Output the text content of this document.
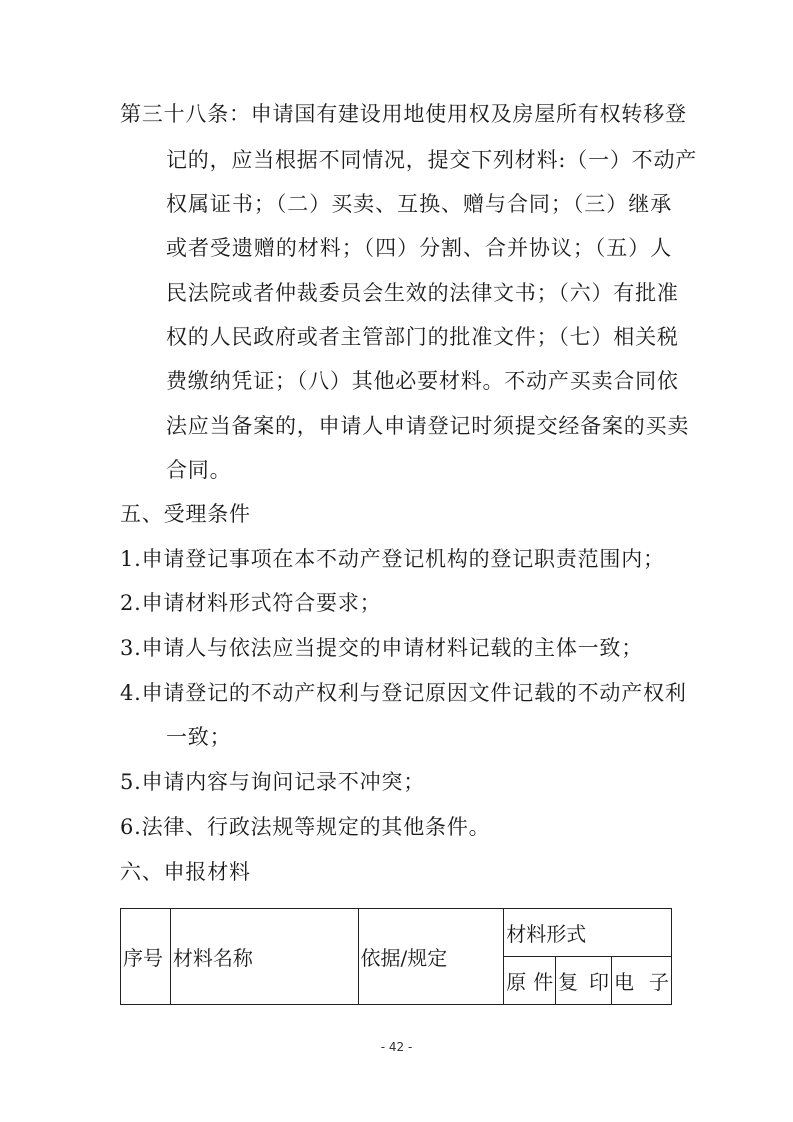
第三十八条：申请国有建设用地使用权及房屋所有权转移登
记的，应当根据不同情况，提交下列材料:（一）不动产
权属证书；（二）买卖、互换、赠与合同；（三）继承
或者受遗赠的材料；（四）分割、合并协议；（五）人
民法院或者仲裁委员会生效的法律文书；（六）有批准
权的人民政府或者主管部门的批准文件；（七）相关税
费缴纳凭证；（八）其他必要材料。不动产买卖合同依
法应当备案的，申请人申请登记时须提交经备案的买卖
合同。
五、受理条件
1.申请登记事项在本不动产登记机构的登记职责范围内；
2.申请材料形式符合要求；
3.申请人与依法应当提交的申请材料记载的主体一致；
4.申请登记的不动产权利与登记原因文件记载的不动产权利
一致；
5.申请内容与询问记录不冲突；
6.法律、行政法规等规定的其他条件。
六、申报材料
序号	材料名称	依据/规定	材料形式		
			原件	复印	电子
- 42 -
